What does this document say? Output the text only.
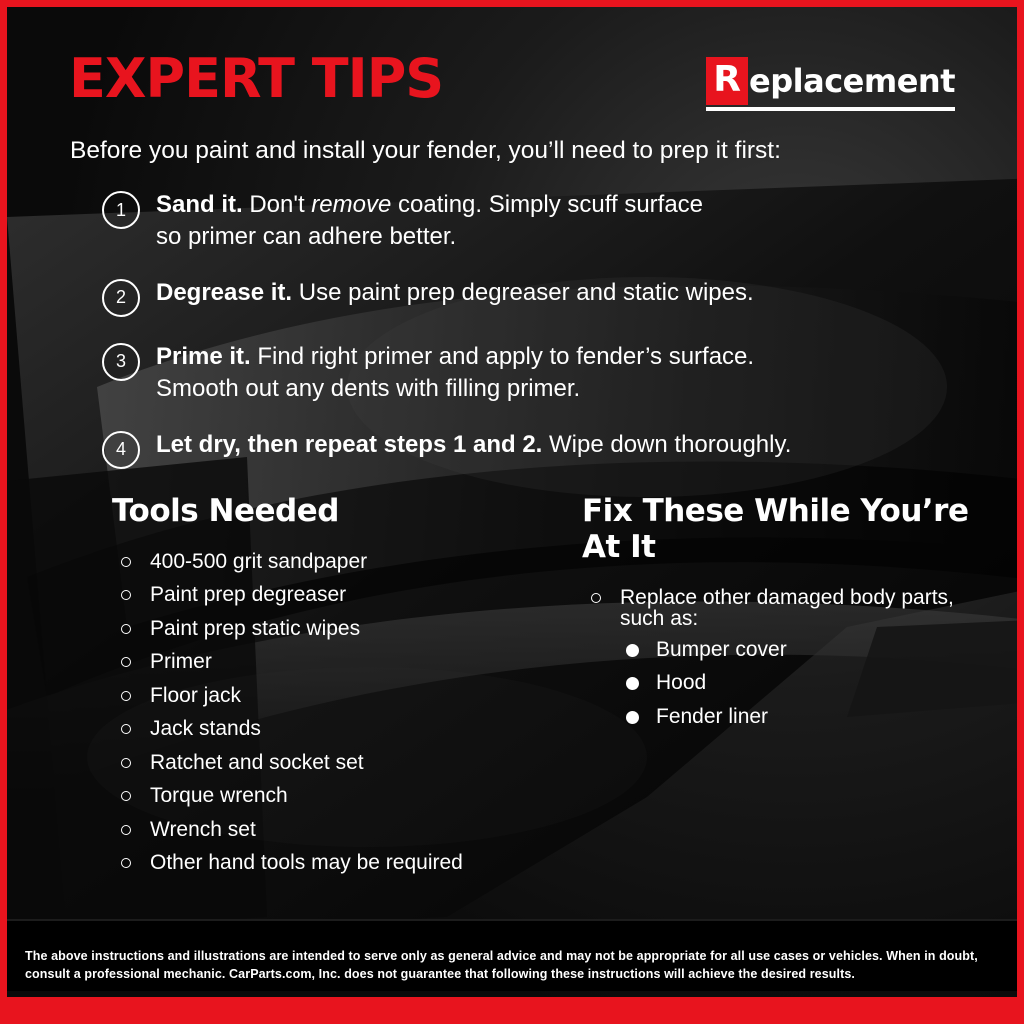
EXPERT TIPS	R eplacement
Before you paint and install your fender, you’ll need to prep it first:
1	Sand it. Don't remove coating. Simply scuff surface
so primer can adhere better.
2	Degrease it. Use paint prep degreaser and static wipes.
3	Prime it. Find right primer and apply to fender’s surface.
Smooth out any dents with filling primer.
4	Let dry, then repeat steps 1 and 2. Wipe down thoroughly.
Tools Needed
400-500 grit sandpaper
Paint prep degreaser
Paint prep static wipes
Primer
Floor jack
Jack stands
Ratchet and socket set
Torque wrench
Wrench set
Other hand tools may be required
Fix These While You’re At It
Replace other damaged body parts,
such as:
Bumper cover
Hood
Fender liner
The above instructions and illustrations are intended to serve only as general advice and may not be appropriate for all use cases or vehicles. When in doubt, consult a professional mechanic. CarParts.com, Inc. does not guarantee that following these instructions will achieve the desired results.
